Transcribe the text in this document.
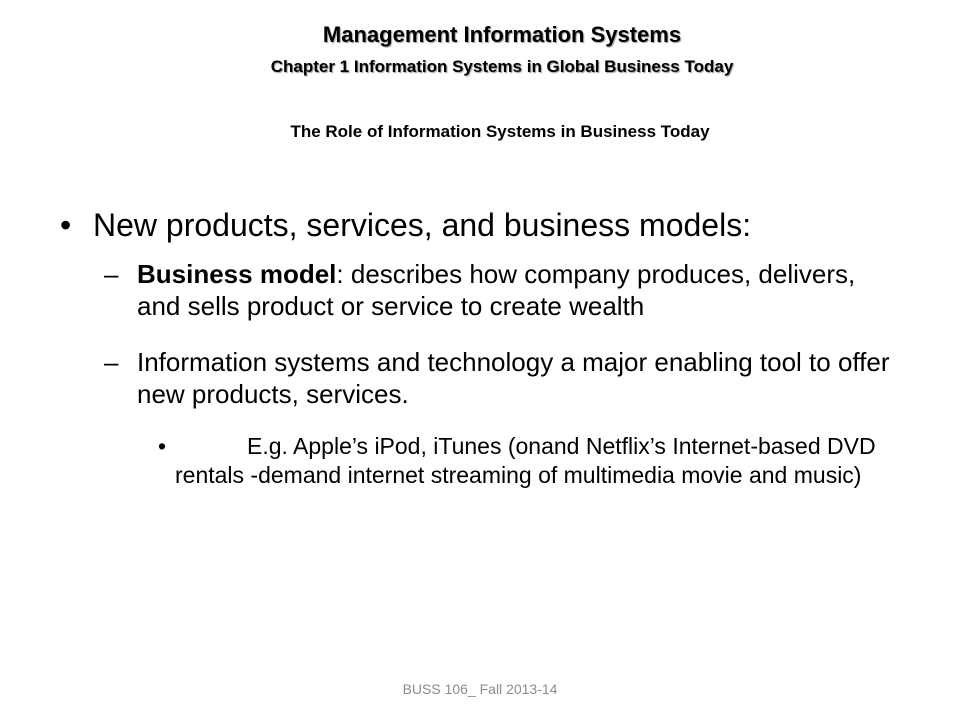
Management Information Systems
Chapter 1 Information Systems in Global Business Today
The Role of Information Systems in Business Today
• New products, services, and business models:
– Business model: describes how company produces, delivers, and sells product or service to create wealth
– Information systems and technology a major enabling tool to offer new products, services.
•	E.g. Apple’s iPod, iTunes (onand Netflix’s Internet-based DVD rentals -demand internet streaming of multimedia movie and music)
BUSS 106_ Fall 2013-14
